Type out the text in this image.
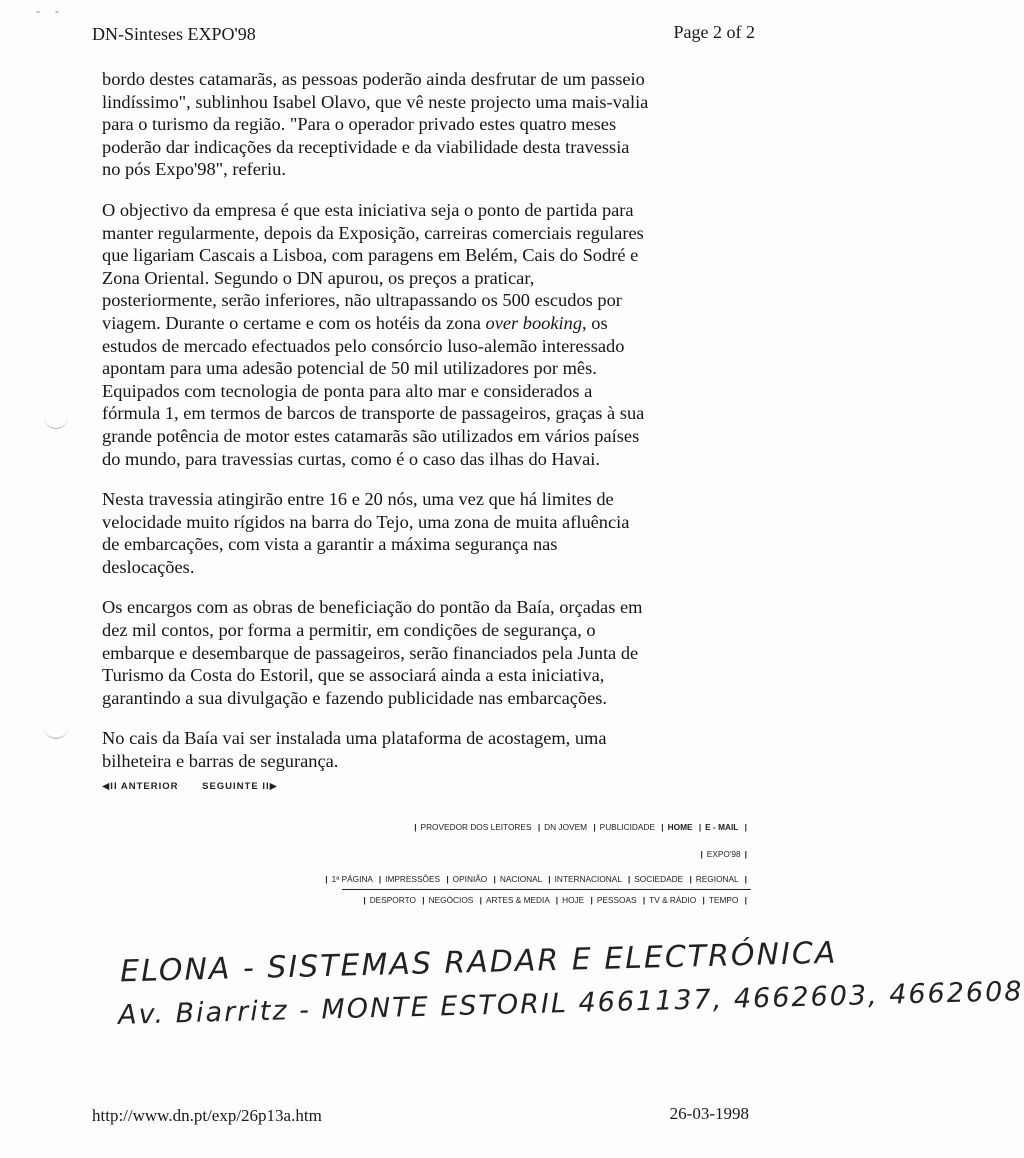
- -
DN-Sinteses EXPO'98	Page 2 of 2

bordo destes catamarãs, as pessoas poderão ainda desfrutar de um passeio
lindíssimo", sublinhou Isabel Olavo, que vê neste projecto uma mais-valia
para o turismo da região. "Para o operador privado estes quatro meses
poderão dar indicações da receptividade e da viabilidade desta travessia
no pós Expo'98", referiu.

O objectivo da empresa é que esta iniciativa seja o ponto de partida para
manter regularmente, depois da Exposição, carreiras comerciais regulares
que ligariam Cascais a Lisboa, com paragens em Belém, Cais do Sodré e
Zona Oriental. Segundo o DN apurou, os preços a praticar,
posteriormente, serão inferiores, não ultrapassando os 500 escudos por
viagem. Durante o certame e com os hotéis da zona over booking, os
estudos de mercado efectuados pelo consórcio luso-alemão interessado
apontam para uma adesão potencial de 50 mil utilizadores por mês.
Equipados com tecnologia de ponta para alto mar e considerados a
fórmula 1, em termos de barcos de transporte de passageiros, graças à sua
grande potência de motor estes catamarãs são utilizados em vários países
do mundo, para travessias curtas, como é o caso das ilhas do Havai.

Nesta travessia atingirão entre 16 e 20 nós, uma vez que há limites de
velocidade muito rígidos na barra do Tejo, uma zona de muita afluência
de embarcações, com vista a garantir a máxima segurança nas
deslocações.

Os encargos com as obras de beneficiação do pontão da Baía, orçadas em
dez mil contos, por forma a permitir, em condições de segurança, o
embarque e desembarque de passageiros, serão financiados pela Junta de
Turismo da Costa do Estoril, que se associará ainda a esta iniciativa,
garantindo a sua divulgação e fazendo publicidade nas embarcações.

No cais da Baía vai ser instalada uma plataforma de acostagem, uma
bilheteira e barras de segurança.

◀II ANTERIOR SEGUINTE II▶
| PROVEDOR DOS LEITORES | DN JOVEM | PUBLICIDADE | HOME | E - MAIL |
| EXPO'98 |
| 1ª PÁGINA | IMPRESSÕES | OPINIÃO | NACIONAL | INTERNACIONAL | SOCIEDADE | REGIONAL |
| DESPORTO | NEGÓCIOS | ARTES & MEDIA | HOJE | PESSOAS | TV & RÁDIO | TEMPO |
ELONA - SISTEMAS RADAR E ELECTRÓNICA
Av. Biarritz - MONTE ESTORIL 4661137, 4662603, 4662608
http://www.dn.pt/exp/26p13a.htm	26-03-1998
